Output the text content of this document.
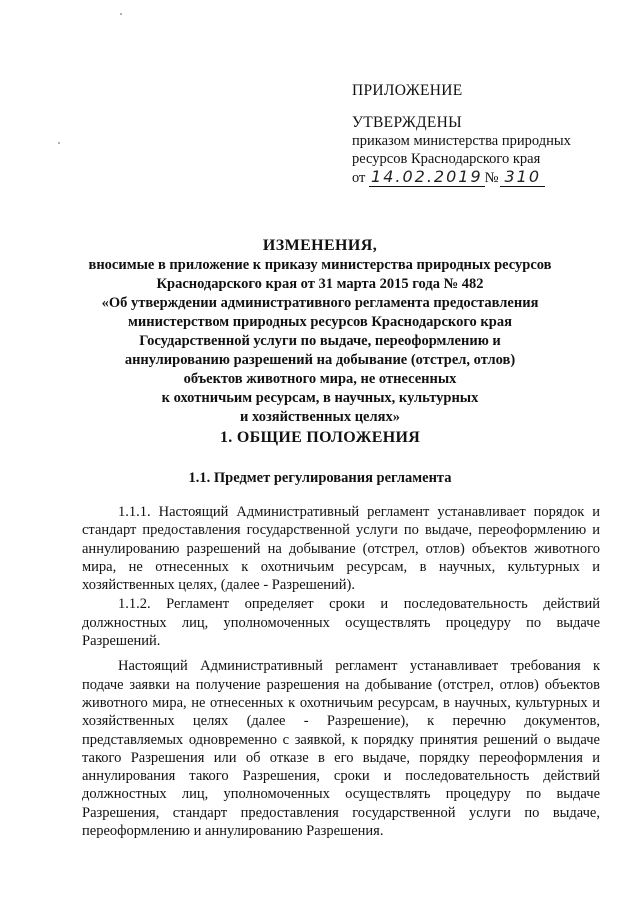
ПРИЛОЖЕНИЕ
УТВЕРЖДЕНЫ
приказом министерства природных
ресурсов Краснодарского края
от 14.02.2019 № 310
ИЗМЕНЕНИЯ,
вносимые в приложение к приказу министерства природных ресурсов
Краснодарского края от 31 марта 2015 года № 482
«Об утверждении административного регламента предоставления
министерством природных ресурсов Краснодарского края
Государственной услуги по выдаче, переоформлению и
аннулированию разрешений на добывание (отстрел, отлов)
объектов животного мира, не отнесенных
к охотничьим ресурсам, в научных, культурных
и хозяйственных целях»
1. ОБЩИЕ ПОЛОЖЕНИЯ
1.1. Предмет регулирования регламента

1.1.1. Настоящий Административный регламент устанавливает порядок и стандарт предоставления государственной услуги по выдаче, переоформлению и аннулированию разрешений на добывание (отстрел, отлов) объектов животного мира, не отнесенных к охотничьим ресурсам, в научных, культурных и хозяйственных целях, (далее - Разрешений).

1.1.2. Регламент определяет сроки и последовательность действий должностных лиц, уполномоченных осуществлять процедуру по выдаче Разрешений.

Настоящий Административный регламент устанавливает требования к подаче заявки на получение разрешения на добывание (отстрел, отлов) объектов животного мира, не отнесенных к охотничьим ресурсам, в научных, культурных и хозяйственных целях (далее - Разрешение), к перечню документов, представляемых одновременно с заявкой, к порядку принятия решений о выдаче такого Разрешения или об отказе в его выдаче, порядку переоформления и аннулирования такого Разрешения, сроки и последовательность действий должностных лиц, уполномоченных осуществлять процедуру по выдаче Разрешения, стандарт предоставления государственной услуги по выдаче, переоформлению и аннулированию Разрешения.
